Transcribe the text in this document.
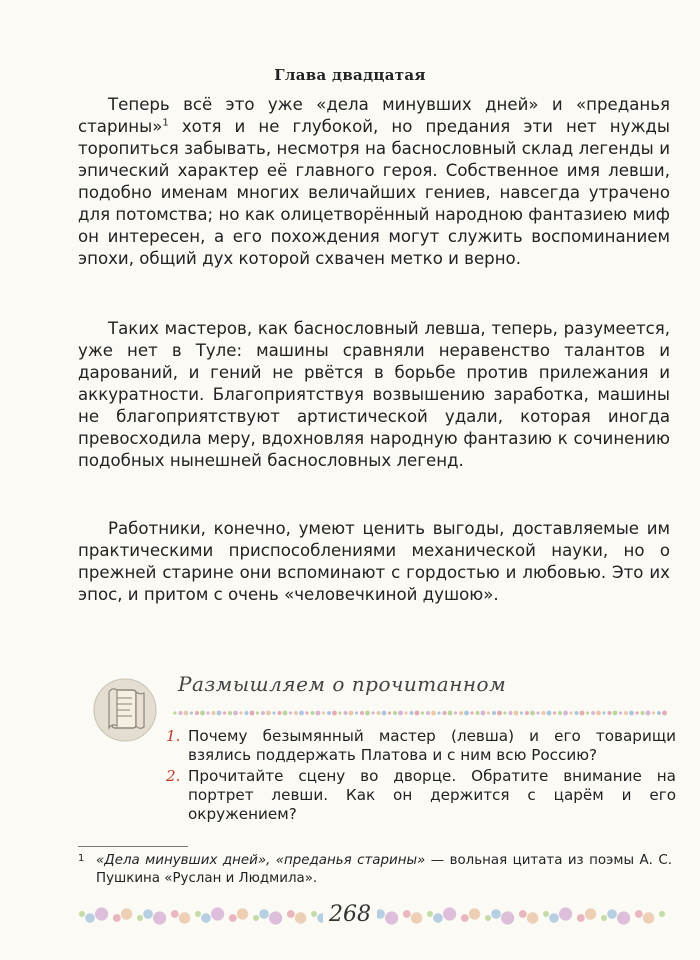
Глава двадцатая

Теперь всё это уже «дела минувших дней» и «преданья старины»$^1$ хотя и не глубокой, но предания эти нет нужды торопиться забывать, несмотря на баснословный склад легенды и эпический характер её главного героя. Собственное имя левши, подобно именам многих величайших гениев, навсегда утрачено для потомства; но как олицетворённый народною фантазиею миф он интересен, а его похождения могут служить воспоминанием эпохи, общий дух которой схвачен метко и верно.

Таких мастеров, как баснословный левша, теперь, разумеется, уже нет в Туле: машины сравняли неравенство талантов и дарований, и гений не рвётся в борьбе против прилежания и аккуратности. Благоприятствуя возвышению заработка, машины не благоприятствуют артистической удали, которая иногда превосходила меру, вдохновляя народную фантазию к сочинению подобных нынешней баснословных легенд.

Работники, конечно, умеют ценить выгоды, доставляемые им практическими приспособлениями механической науки, но о прежней старине они вспоминают с гордостью и любовью. Это их эпос, и притом с очень «человечкиной душою».

Размышляем о прочитанном
1. Почему безымянный мастер (левша) и его товарищи взялись поддержать Платова и с ним всю Россию?
2. Прочитайте сцену во дворце. Обратите внимание на портрет левши. Как он держится с царём и его окружением?
1 «Дела минувших дней», «преданья старины» — вольная цитата из поэмы А. С. Пушкина «Руслан и Людмила».
268
